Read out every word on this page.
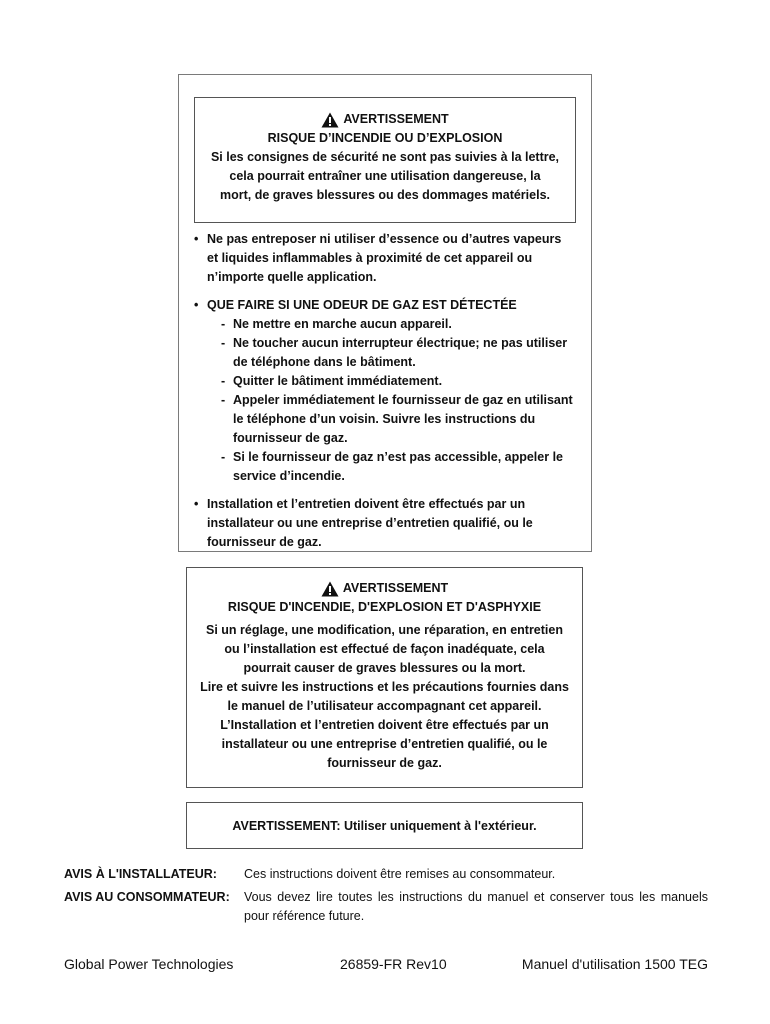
AVERTISSEMENT
RISQUE D’INCENDIE OU D’EXPLOSION
Si les consignes de sécurité ne sont pas suivies à la lettre,
cela pourrait entraîner une utilisation dangereuse, la
mort, de graves blessures ou des dommages matériels.
• Ne pas entreposer ni utiliser d’essence ou d’autres vapeurs et liquides inflammables à proximité de cet appareil ou n’importe quelle application.
• QUE FAIRE SI UNE ODEUR DE GAZ EST DÉTECTÉE
- Ne mettre en marche aucun appareil.
- Ne toucher aucun interrupteur électrique; ne pas utiliser de téléphone dans le bâtiment.
- Quitter le bâtiment immédiatement.
- Appeler immédiatement le fournisseur de gaz en utilisant le téléphone d’un voisin. Suivre les instructions du fournisseur de gaz.
- Si le fournisseur de gaz n’est pas accessible, appeler le service d’incendie.
• Installation et l’entretien doivent être effectués par un installateur ou une entreprise d’entretien qualifié, ou le fournisseur de gaz.
AVERTISSEMENT
RISQUE D'INCENDIE, D'EXPLOSION ET D'ASPHYXIE
Si un réglage, une modification, une réparation, en entretien
ou l’installation est effectué de façon inadéquate, cela
pourrait causer de graves blessures ou la mort.
Lire et suivre les instructions et les précautions fournies dans
le manuel de l’utilisateur accompagnant cet appareil.
L’Installation et l’entretien doivent être effectués par un
installateur ou une entreprise d’entretien qualifié, ou le
fournisseur de gaz.
AVERTISSEMENT: Utiliser uniquement à l'extérieur.
AVIS À L'INSTALLATEUR:	Ces instructions doivent être remises au consommateur.
AVIS AU CONSOMMATEUR:	Vous devez lire toutes les instructions du manuel et conserver tous les manuels pour référence future.
Global Power Technologies	26859-FR Rev10	Manuel d'utilisation 1500 TEG
